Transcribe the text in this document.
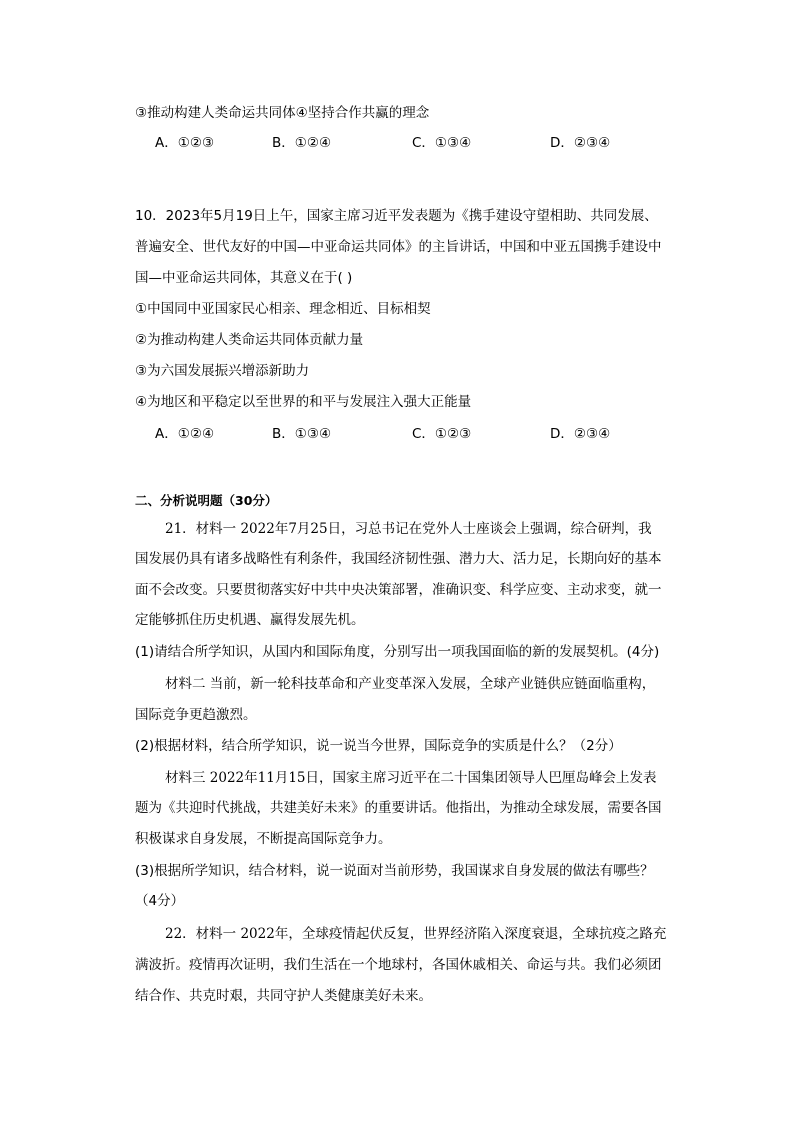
③推动构建人类命运共同体④坚持合作共赢的理念
A．①②③	B．①②④	C．①③④	D．②③④
10．2023年5月19日上午，国家主席习近平发表题为《携手建设守望相助、共同发展、
普遍安全、世代友好的中国—中亚命运共同体》的主旨讲话，中国和中亚五国携手建设中
国—中亚命运共同体，其意义在于( )
①中国同中亚国家民心相亲、理念相近、目标相契
②为推动构建人类命运共同体贡献力量
③为六国发展振兴增添新助力
④为地区和平稳定以至世界的和平与发展注入强大正能量
A．①②④	B．①③④	C．①②③	D．②③④
二、分析说明题（30分）
21．材料一 2022年7月25日，习总书记在党外人士座谈会上强调，综合研判，我
国发展仍具有诸多战略性有利条件，我国经济韧性强、潜力大、活力足，长期向好的基本
面不会改变。只要贯彻落实好中共中央决策部署，准确识变、科学应变、主动求变，就一
定能够抓住历史机遇、赢得发展先机。
(1)请结合所学知识，从国内和国际角度，分别写出一项我国面临的新的发展契机。(4分)
材料二 当前，新一轮科技革命和产业变革深入发展，全球产业链供应链面临重构，
国际竞争更趋激烈。
(2)根据材料，结合所学知识，说一说当今世界，国际竞争的实质是什么？（2分）
材料三 2022年11月15日，国家主席习近平在二十国集团领导人巴厘岛峰会上发表
题为《共迎时代挑战，共建美好未来》的重要讲话。他指出，为推动全球发展，需要各国
积极谋求自身发展，不断提高国际竞争力。
(3)根据所学知识，结合材料，说一说面对当前形势，我国谋求自身发展的做法有哪些？
（4分）
22．材料一 2022年，全球疫情起伏反复，世界经济陷入深度衰退，全球抗疫之路充
满波折。疫情再次证明，我们生活在一个地球村，各国休戚相关、命运与共。我们必须团
结合作、共克时艰，共同守护人类健康美好未来。
